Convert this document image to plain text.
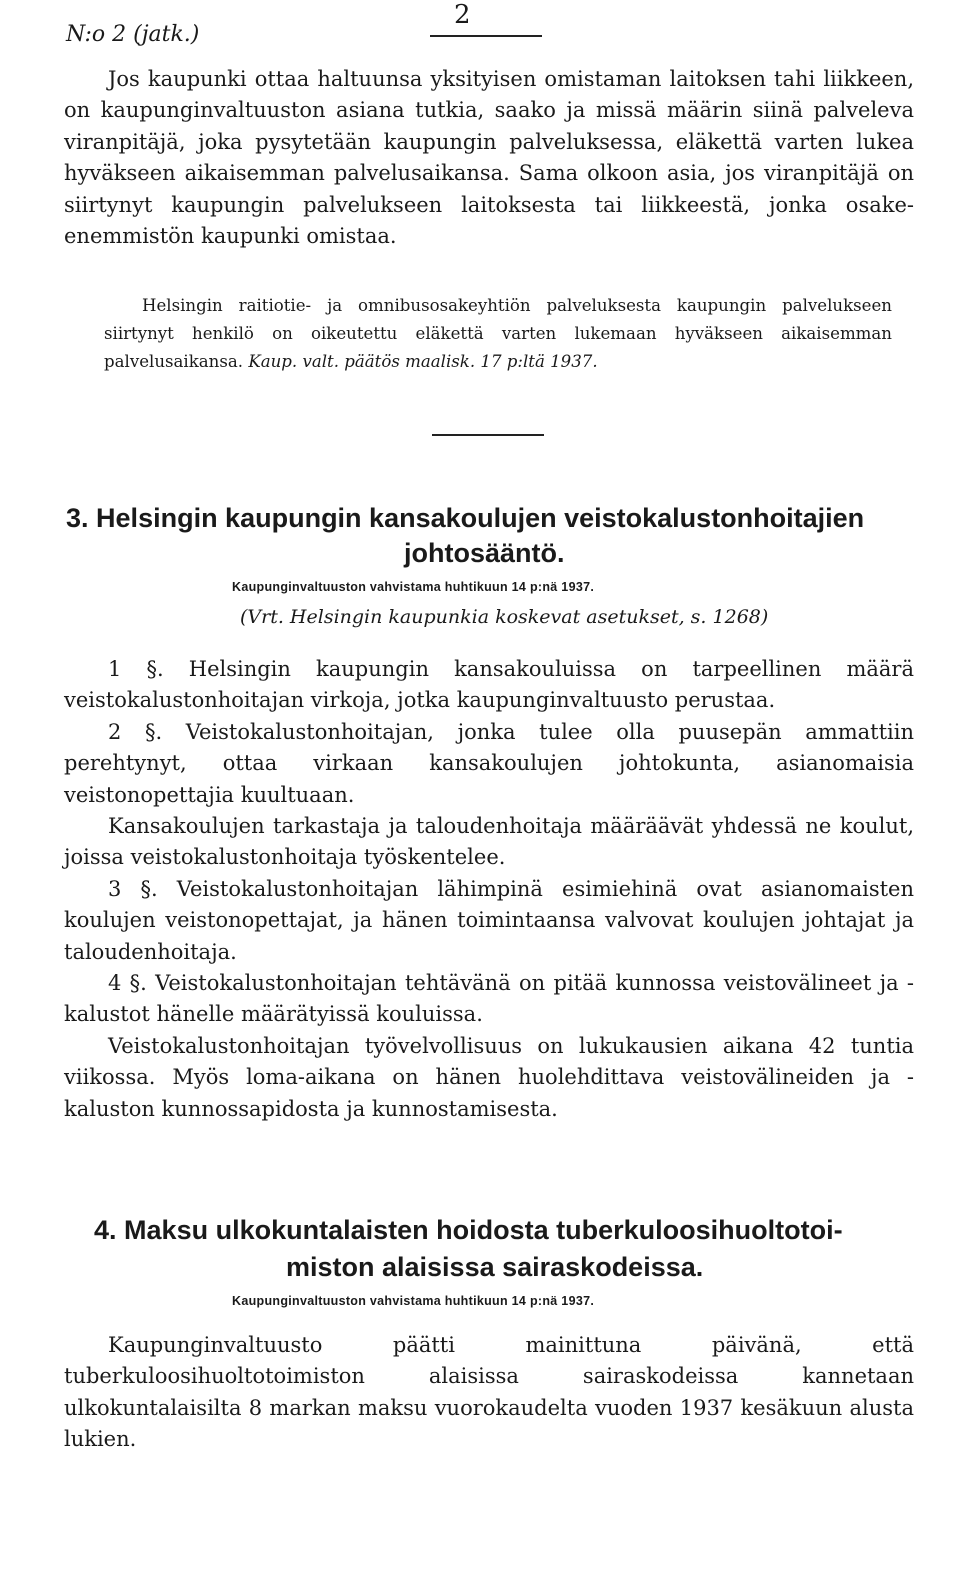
N:o 2 (jatk.)
2

Jos kaupunki ottaa haltuunsa yksityisen omistaman laitoksen tahi liikkeen, on kaupunginvaltuuston asiana tutkia, saako ja missä määrin siinä palveleva viranpitäjä, joka pysytetään kaupungin palveluksessa, eläkettä varten lukea hyväkseen aikaisemman palvelusaikansa. Sama olkoon asia, jos viranpitäjä on siirtynyt kaupungin palvelukseen laitoksesta tai liikkeestä, jonka osake-enemmistön kaupunki omistaa.

Helsingin raitiotie- ja omnibusosakeyhtiön palveluksesta kaupungin palvelukseen siirtynyt henkilö on oikeutettu eläkettä varten lukemaan hyväkseen aikaisemman palvelusaikansa. Kaup. valt. päätös maalisk. 17 p:ltä 1937.

3. Helsingin kaupungin kansakoulujen veistokalustonhoitajien
johtosääntö.
Kaupunginvaltuuston vahvistama huhtikuun 14 p:nä 1937.
(Vrt. Helsingin kaupunkia koskevat asetukset, s. 1268)

1 §. Helsingin kaupungin kansakouluissa on tarpeellinen määrä veistokalustonhoitajan virkoja, jotka kaupunginvaltuusto perustaa.

2 §. Veistokalustonhoitajan, jonka tulee olla puusepän ammattiin perehtynyt, ottaa virkaan kansakoulujen johtokunta, asianomaisia veistonopettajia kuultuaan.

Kansakoulujen tarkastaja ja taloudenhoitaja määräävät yhdessä ne koulut, joissa veistokalustonhoitaja työskentelee.

3 §. Veistokalustonhoitajan lähimpinä esimiehinä ovat asianomaisten koulujen veistonopettajat, ja hänen toimintaansa valvovat koulujen johtajat ja taloudenhoitaja.

4 §. Veistokalustonhoitajan tehtävänä on pitää kunnossa veistovälineet ja -kalustot hänelle määrätyissä kouluissa.

Veistokalustonhoitajan työvelvollisuus on lukukausien aikana 42 tuntia viikossa. Myös loma-aikana on hänen huolehdittava veistovälineiden ja -kaluston kunnossapidosta ja kunnostamisesta.

4. Maksu ulkokuntalaisten hoidosta tuberkuloosihuoltotoi-
miston alaisissa sairaskodeissa.
Kaupunginvaltuuston vahvistama huhtikuun 14 p:nä 1937.

Kaupunginvaltuusto päätti mainittuna päivänä, että tuberkuloosihuoltotoimiston alaisissa sairaskodeissa kannetaan ulkokuntalaisilta 8 markan maksu vuorokaudelta vuoden 1937 kesäkuun alusta lukien.
